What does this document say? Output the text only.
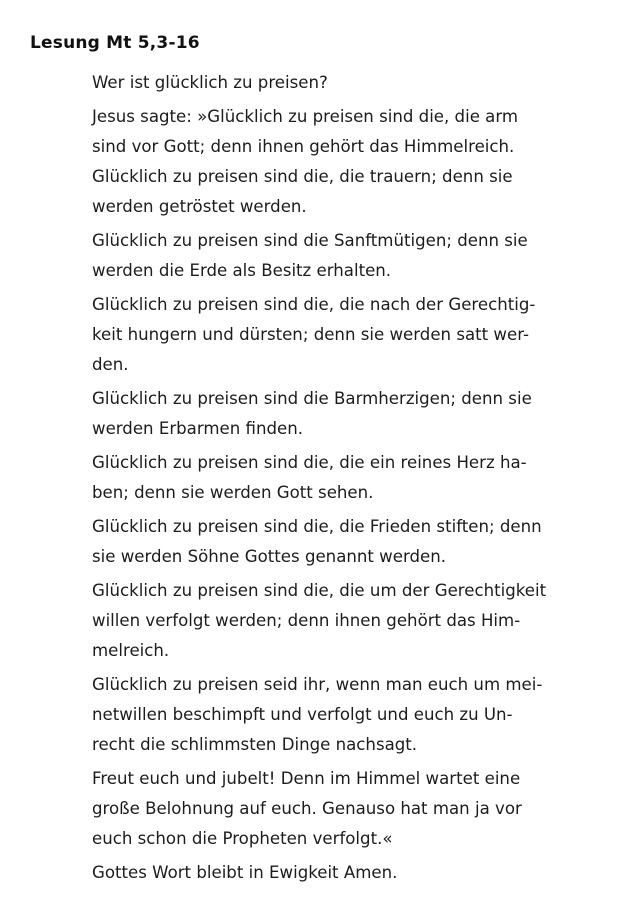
Lesung Mt 5,3-16
Wer ist glücklich zu preisen?
Jesus sagte: »Glücklich zu preisen sind die, die arm
sind vor Gott; denn ihnen gehört das Himmelreich.
Glücklich zu preisen sind die, die trauern; denn sie
werden getröstet werden.
Glücklich zu preisen sind die Sanftmütigen; denn sie
werden die Erde als Besitz erhalten.
Glücklich zu preisen sind die, die nach der Gerechtig-
keit hungern und dürsten; denn sie werden satt wer-
den.
Glücklich zu preisen sind die Barmherzigen; denn sie
werden Erbarmen finden.
Glücklich zu preisen sind die, die ein reines Herz ha-
ben; denn sie werden Gott sehen.
Glücklich zu preisen sind die, die Frieden stiften; denn
sie werden Söhne Gottes genannt werden.
Glücklich zu preisen sind die, die um der Gerechtigkeit
willen verfolgt werden; denn ihnen gehört das Him-
melreich.
Glücklich zu preisen seid ihr, wenn man euch um mei-
netwillen beschimpft und verfolgt und euch zu Un-
recht die schlimmsten Dinge nachsagt.
Freut euch und jubelt! Denn im Himmel wartet eine
große Belohnung auf euch. Genauso hat man ja vor
euch schon die Propheten verfolgt.«
Gottes Wort bleibt in Ewigkeit Amen.
